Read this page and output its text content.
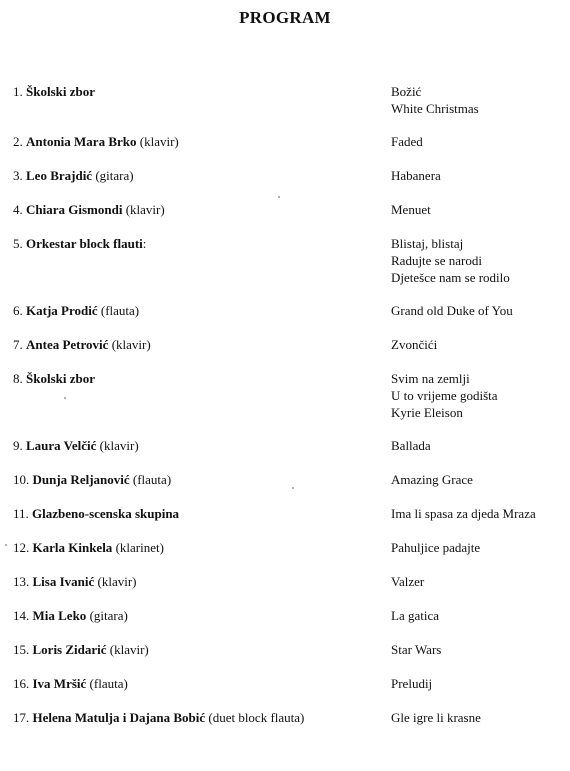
PROGRAM
1. Školski zbor	Božić
White Christmas
2. Antonia Mara Brko (klavir)	Faded
3. Leo Brajdić (gitara)	Habanera
4. Chiara Gismondi (klavir)	Menuet
5. Orkestar block flauti:	Blistaj, blistaj
Radujte se narodi
Djetešce nam se rodilo
6. Katja Prodić (flauta)	Grand old Duke of You
7. Antea Petrović (klavir)	Zvončići
8. Školski zbor	Svim na zemlji
U to vrijeme godišta
Kyrie Eleison
9. Laura Velčić (klavir)	Ballada
10. Dunja Reljanović (flauta)	Amazing Grace
11. Glazbeno-scenska skupina	Ima li spasa za djeda Mraza
12. Karla Kinkela (klarinet)	Pahuljice padajte
13. Lisa Ivanić (klavir)	Valzer
14. Mia Leko (gitara)	La gatica
15. Loris Zidarić (klavir)	Star Wars
16. Iva Mršić (flauta)	Preludij
17. Helena Matulja i Dajana Bobić (duet block flauta)	Gle igre li krasne
